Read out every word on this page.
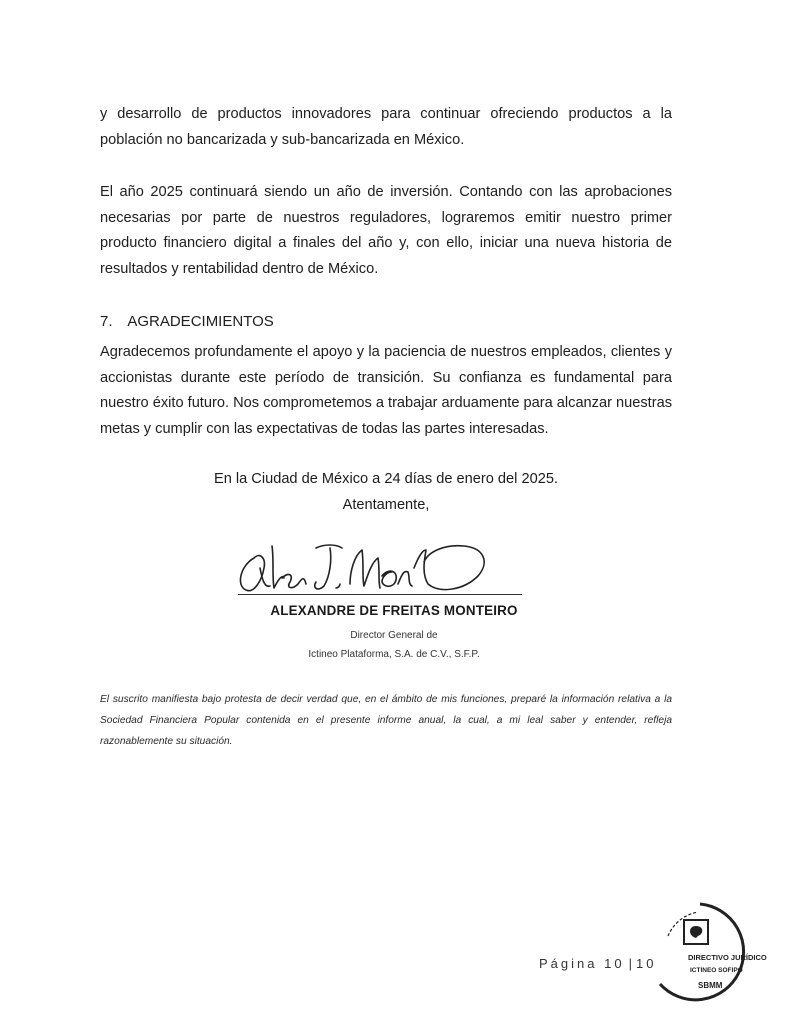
y desarrollo de productos innovadores para continuar ofreciendo productos a la población no bancarizada y sub-bancarizada en México.

El año 2025 continuará siendo un año de inversión. Contando con las aprobaciones necesarias por parte de nuestros reguladores, lograremos emitir nuestro primer producto financiero digital a finales del año y, con ello, iniciar una nueva historia de resultados y rentabilidad dentro de México.

7. AGRADECIMIENTOS

Agradecemos profundamente el apoyo y la paciencia de nuestros empleados, clientes y accionistas durante este período de transición. Su confianza es fundamental para nuestro éxito futuro. Nos comprometemos a trabajar arduamente para alcanzar nuestras metas y cumplir con las expectativas de todas las partes interesadas.

En la Ciudad de México a 24 días de enero del 2025.

Atentamente,

ALEXANDRE DE FREITAS MONTEIRO

Director General de

Ictineo Plataforma, S.A. de C.V., S.F.P.

El suscrito manifiesta bajo protesta de decir verdad que, en el ámbito de mis funciones, preparé la información relativa a la Sociedad Financiera Popular contenida en el presente informe anual, la cual, a mi leal saber y entender, refleja razonablemente su situación.

Página 10 | 10	DIRECTIVO JURÍDICO
ICTINEO SOFIPO
SBMM
